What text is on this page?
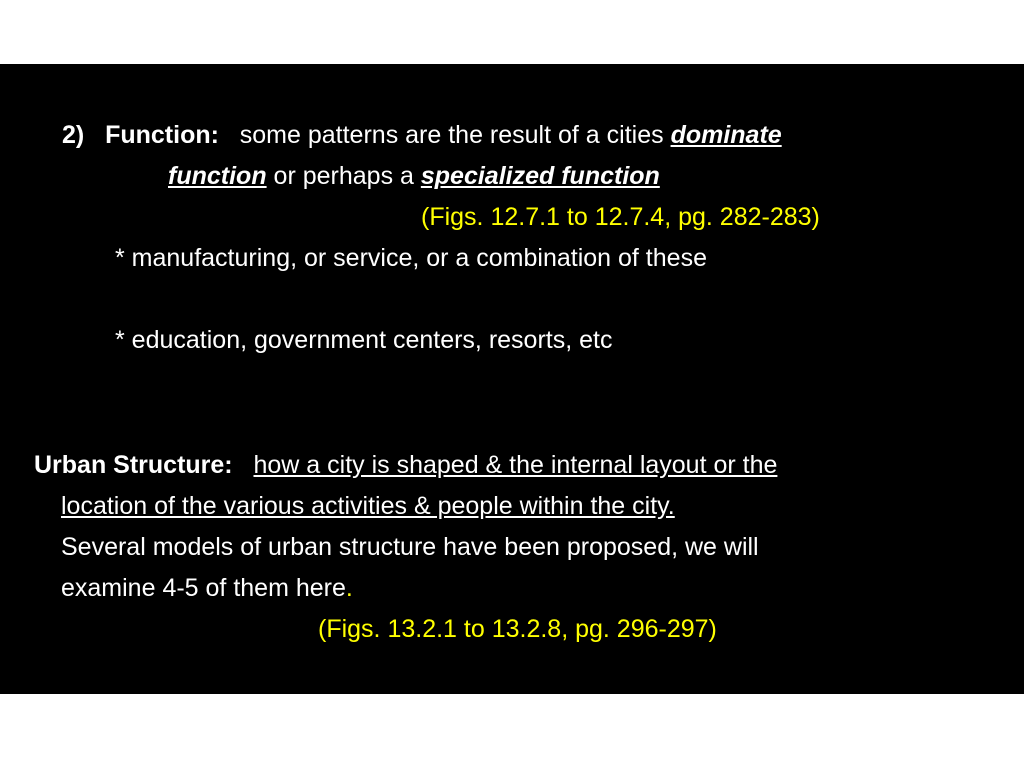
2) Function: some patterns are the result of a cities dominate
function or perhaps a specialized function
(Figs. 12.7.1 to 12.7.4, pg. 282-283)
* manufacturing, or service, or a combination of these
* education, government centers, resorts, etc
Urban Structure: how a city is shaped & the internal layout or the
location of the various activities & people within the city.
Several models of urban structure have been proposed, we will
examine 4-5 of them here.
(Figs. 13.2.1 to 13.2.8, pg. 296-297)
